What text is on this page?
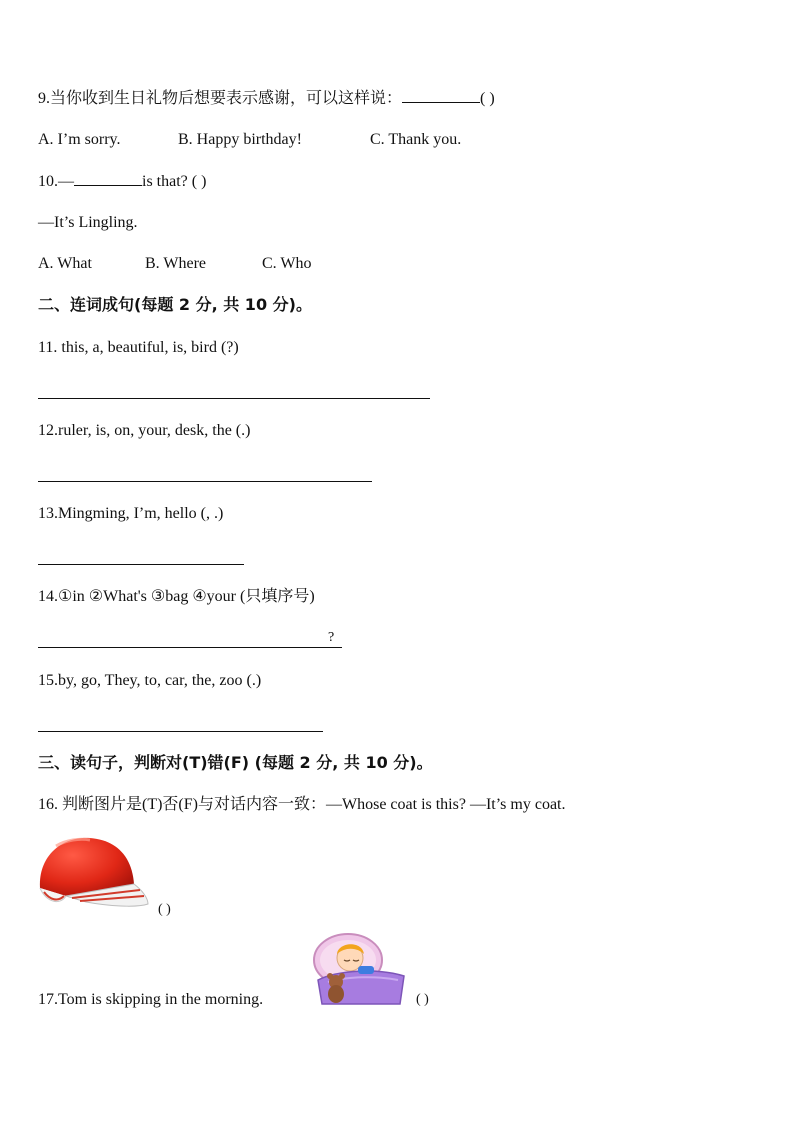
9.当你收到生日礼物后想要表示感谢，可以这样说：	( )
A. I’m sorry.	B. Happy birthday!	C. Thank you.
10.—	is that? ( )
—It’s Lingling.
A. What	B. Where	C. Who
二、连词成句(每题 2 分, 共 10 分)。
11. this, a, beautiful, is, bird (?)
12.ruler, is, on, your, desk, the (.)
13.Mingming, I’m, hello (, .)
14.①in ②What's ③bag ④your (只填序号)
?
15.by, go, They, to, car, the, zoo (.)
三、读句子，判断对(T)错(F) (每题 2 分, 共 10 分)。
16. 判断图片是(T)否(F)与对话内容一致：—Whose coat is this? —It’s my coat.
( )
17.Tom is skipping in the morning.	( )
